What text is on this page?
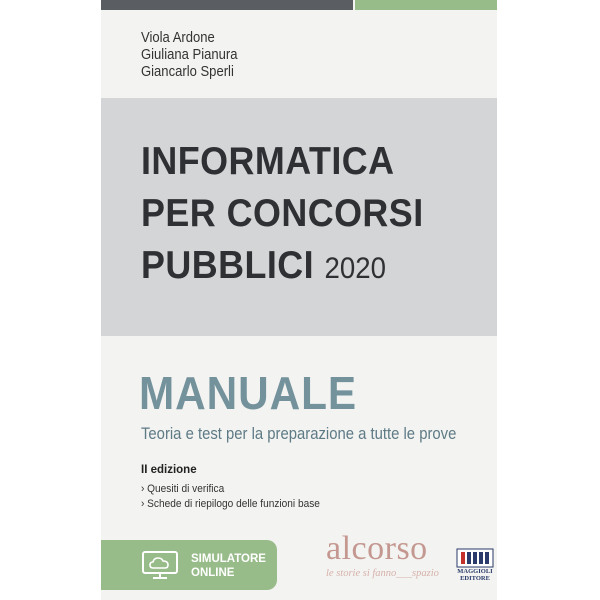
Viola Ardone
Giuliana Pianura
Giancarlo Sperli
INFORMATICA
PER CONCORSI
PUBBLICI 2020
MANUALE
Teoria e test per la preparazione a tutte le prove
II edizione
› Quesiti di verifica
› Schede di riepilogo delle funzioni base
SIMULATORE
ONLINE
alcorso
le storie si fanno___spazio	MAGGIOLI
EDITORE
